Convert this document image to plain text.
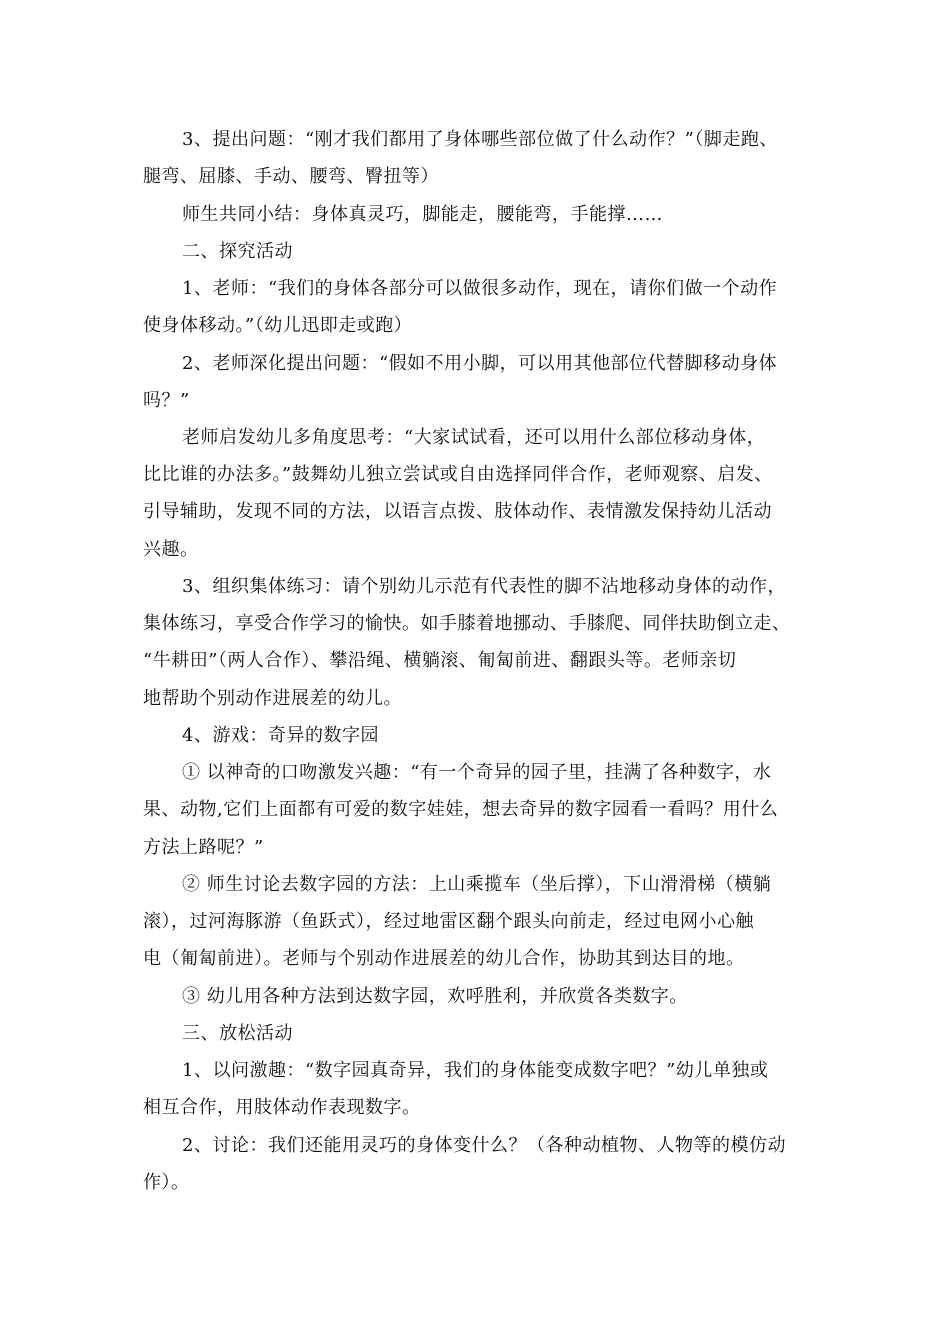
3、提出问题：“刚才我们都用了身体哪些部位做了什么动作？”（脚走跑、
腿弯、屈膝、手动、腰弯、臀扭等）
师生共同小结：身体真灵巧，脚能走，腰能弯，手能撑……
二、探究活动
1、老师：“我们的身体各部分可以做很多动作，现在，请你们做一个动作
使身体移动。”（幼儿迅即走或跑）
2、老师深化提出问题：“假如不用小脚，可以用其他部位代替脚移动身体
吗？”
老师启发幼儿多角度思考：“大家试试看，还可以用什么部位移动身体，
比比谁的办法多。”鼓舞幼儿独立尝试或自由选择同伴合作，老师观察、启发、
引导辅助，发现不同的方法，以语言点拨、肢体动作、表情激发保持幼儿活动
兴趣。
3、组织集体练习：请个别幼儿示范有代表性的脚不沾地移动身体的动作，
集体练习，享受合作学习的愉快。如手膝着地挪动、手膝爬、同伴扶助倒立走、
“牛耕田”（两人合作）、攀沿绳、横躺滚、匍匐前进、翻跟头等。老师亲切
地帮助个别动作进展差的幼儿。
4、游戏：奇异的数字园
① 以神奇的口吻激发兴趣：“有一个奇异的园子里，挂满了各种数字，水
果、动物,它们上面都有可爱的数字娃娃，想去奇异的数字园看一看吗？用什么
方法上路呢？”
② 师生讨论去数字园的方法：上山乘揽车（坐后撑），下山滑滑梯（横躺
滚），过河海豚游（鱼跃式），经过地雷区翻个跟头向前走，经过电网小心触
电（匍匐前进）。老师与个别动作进展差的幼儿合作，协助其到达目的地。
③ 幼儿用各种方法到达数字园，欢呼胜利，并欣赏各类数字。
三、放松活动
1、以问激趣：“数字园真奇异，我们的身体能变成数字吧？”幼儿单独或
相互合作，用肢体动作表现数字。
2、讨论：我们还能用灵巧的身体变什么？（各种动植物、人物等的模仿动
作）。
